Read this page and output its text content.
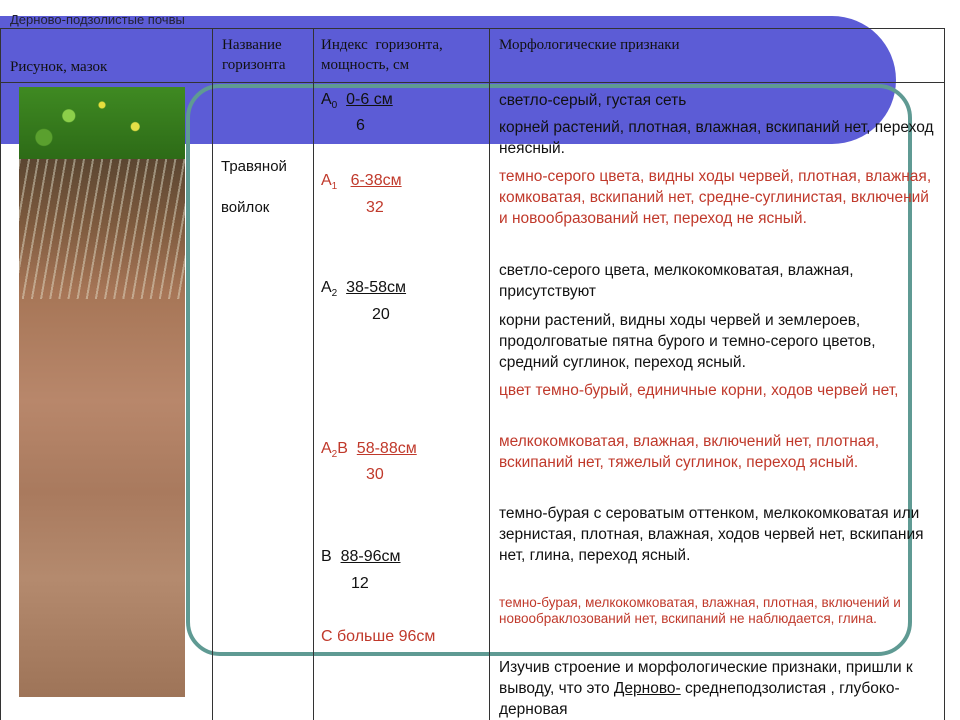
Дерново-подзолистые почвы
Рисунок, мазок
Название
горизонта
Индекс горизонта,
мощность, см
Морфологические признаки
Травяной
войлок
$A_0$ 0-6 см
6
$A_1$ 6-38см
32
$A_2$ 38-58см
20
$A_2B$ 58-88см
30
B 88-96см
12
С больше 96см
светло-серый, густая сеть
корней растений, плотная, влажная, вскипаний нет, переход неясный.
темно-серого цвета, видны ходы червей, плотная, влажная, комковатая, вскипаний нет, средне-суглинистая, включений и новообразований нет, переход не ясный.
светло-серого цвета, мелкокомковатая, влажная, присутствуют
корни растений, видны ходы червей и землероев, продолговатые пятна бурого и темно-серого цветов, средний суглинок, переход ясный.
цвет темно-бурый, единичные корни, ходов червей нет,
мелкокомковатая, влажная, включений нет, плотная, вскипаний нет, тяжелый суглинок, переход ясный.
темно-бурая с сероватым оттенком, мелкокомковатая или зернистая, плотная, влажная, ходов червей нет, вскипания нет, глина, переход ясный.
темно-бурая, мелкокомковатая, влажная, плотная, включений и новообраклозований нет, вскипаний не наблюдается, глина.
Изучив строение и морфологические признаки, пришли к выводу, что это Дерново- среднеподзолистая , глубоко- дерновая
